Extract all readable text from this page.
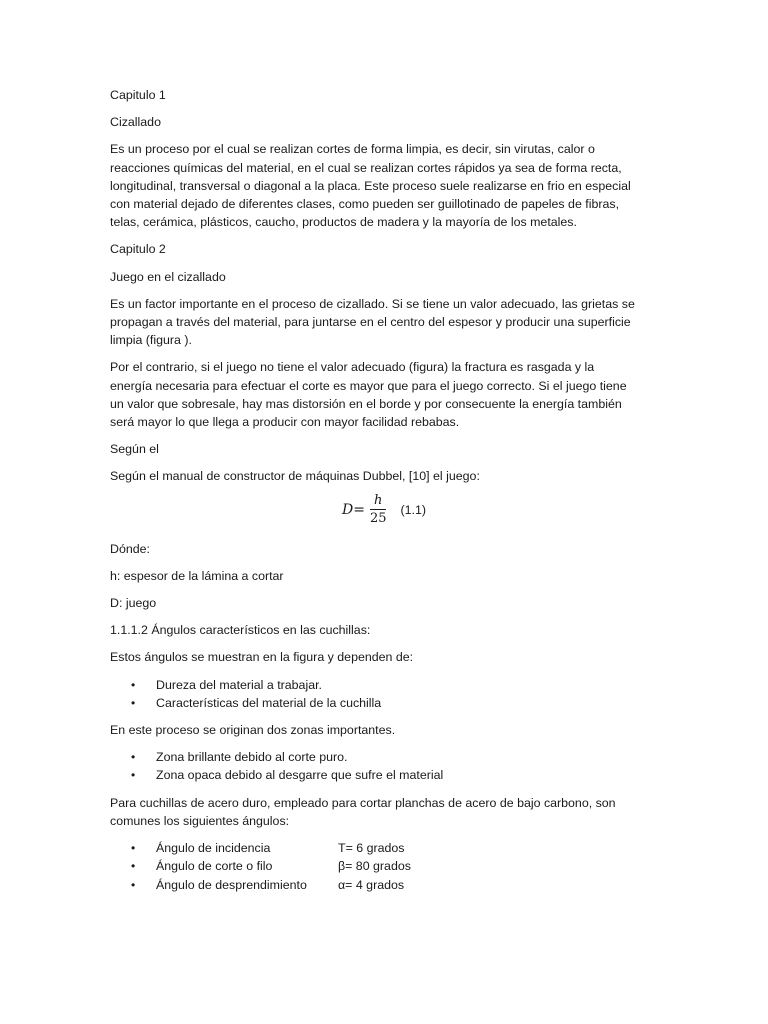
Capitulo 1

Cizallado

Es un proceso por el cual se realizan cortes de forma limpia, es decir, sin virutas, calor o

reacciones químicas del material, en el cual se realizan cortes rápidos ya sea de forma recta,

longitudinal, transversal o diagonal a la placa. Este proceso suele realizarse en frio en especial

con material dejado de diferentes clases, como pueden ser guillotinado de papeles de fibras,

telas, cerámica, plásticos, caucho, productos de madera y la mayoría de los metales.

Capitulo 2

Juego en el cizallado

Es un factor importante en el proceso de cizallado. Si se tiene un valor adecuado, las grietas se

propagan a través del material, para juntarse en el centro del espesor y producir una superficie

limpia (figura ).

Por el contrario, si el juego no tiene el valor adecuado (figura) la fractura es rasgada y la

energía necesaria para efectuar el corte es mayor que para el juego correcto. Si el juego tiene

un valor que sobresale, hay mas distorsión en el borde y por consecuente la energía también

será mayor lo que llega a producir con mayor facilidad rebabas.

Según el

Según el manual de constructor de máquinas Dubbel, [10] el juego:

$D = \frac{h}{25} (1.1)$

Dónde:

h: espesor de la lámina a cortar

D: juego

1.1.1.2 Ángulos característicos en las cuchillas:

Estos ángulos se muestran en la figura y dependen de:

• Dureza del material a trabajar.
• Características del material de la cuchilla

En este proceso se originan dos zonas importantes.

• Zona brillante debido al corte puro.
• Zona opaca debido al desgarre que sufre el material

Para cuchillas de acero duro, empleado para cortar planchas de acero de bajo carbono, son

comunes los siguientes ángulos:

• Ángulo de incidencia	T= 6 grados
• Ángulo de corte o filo	β= 80 grados
• Ángulo de desprendimiento	α= 4 grados
